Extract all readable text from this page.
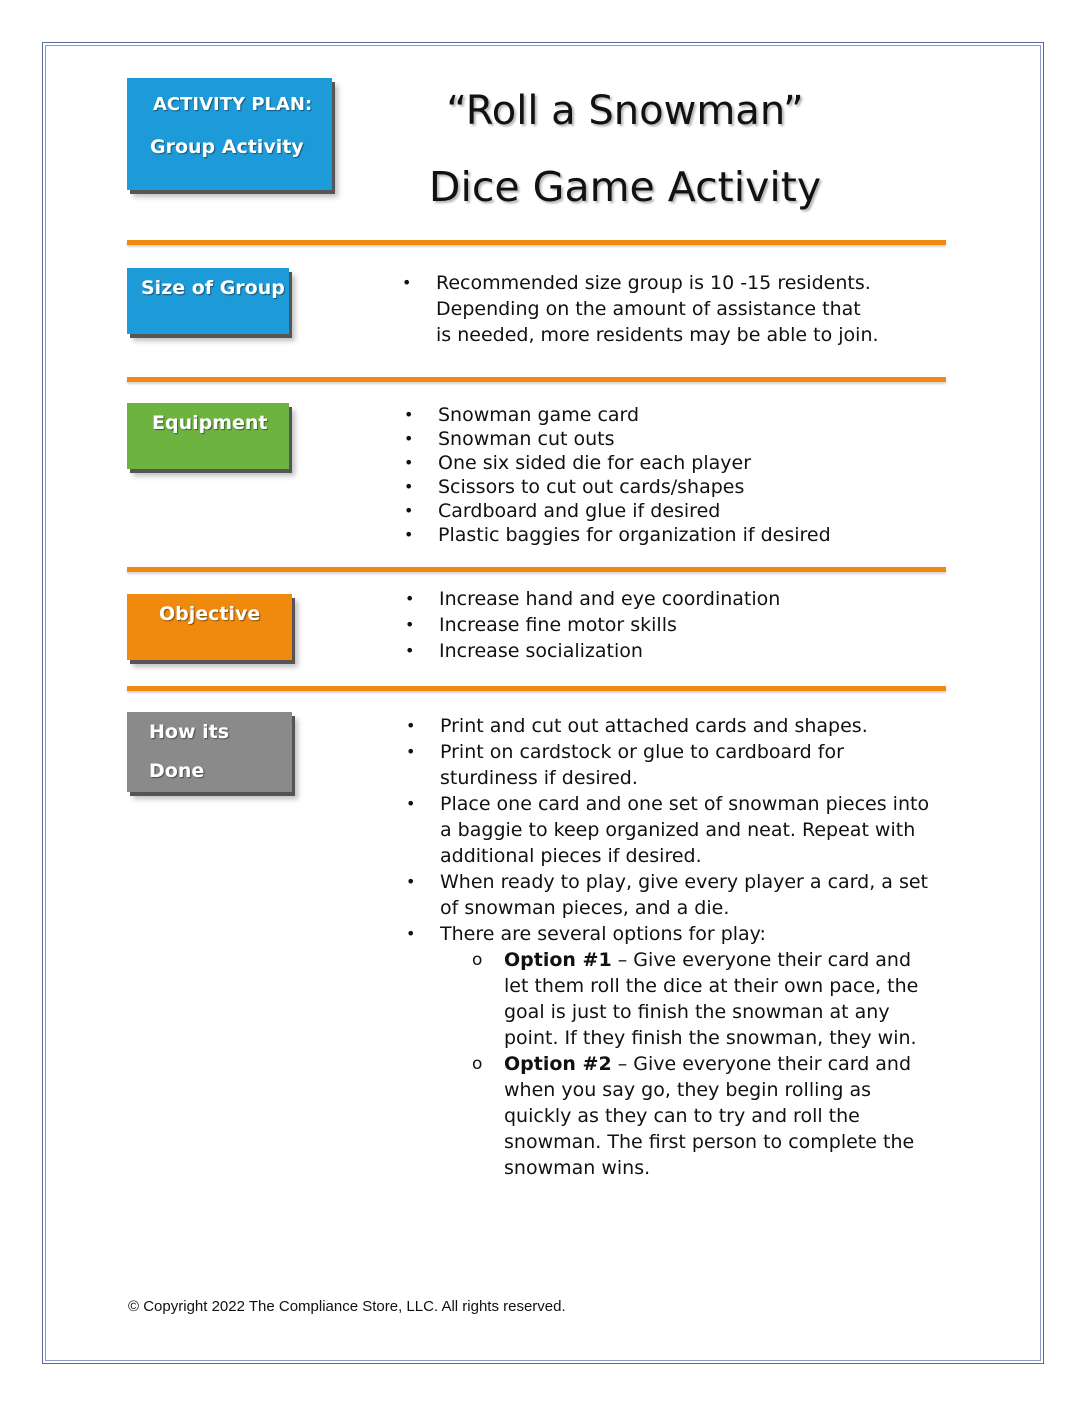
ACTIVITY PLAN:
Group Activity
“Roll a Snowman”
Dice Game Activity
Size of Group	• Recommended size group is 10 -15 residents. Depending on the amount of assistance that is needed, more residents may be able to join.
Equipment	• Snowman game card
• Snowman cut outs
• One six sided die for each player
• Scissors to cut out cards/shapes
• Cardboard and glue if desired
• Plastic baggies for organization if desired
Objective
• Increase hand and eye coordination
• Increase fine motor skills
• Increase socialization
How its
Done
• Print and cut out attached cards and shapes.
• Print on cardstock or glue to cardboard for sturdiness if desired.
• Place one card and one set of snowman pieces into a baggie to keep organized and neat. Repeat with additional pieces if desired.
• When ready to play, give every player a card, a set of snowman pieces, and a die.
• There are several options for play:
o Option #1 – Give everyone their card and let them roll the dice at their own pace, the goal is just to finish the snowman at any point. If they finish the snowman, they win.
o Option #2 – Give everyone their card and when you say go, they begin rolling as quickly as they can to try and roll the snowman. The first person to complete the snowman wins.
© Copyright 2022 The Compliance Store, LLC. All rights reserved.
